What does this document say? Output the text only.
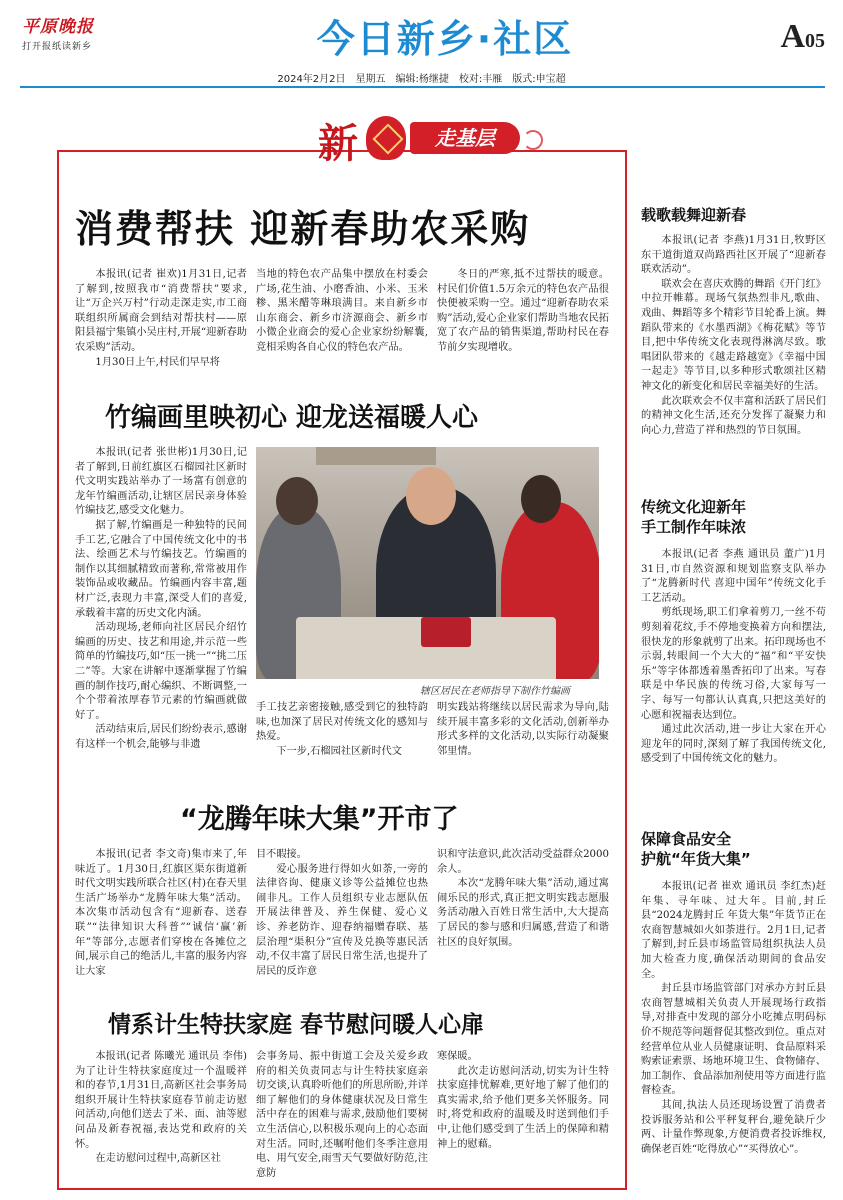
平原晚报
打开报纸读新乡	今日新乡·社区	A05
2024年2月2日　星期五　编辑:杨继捷　校对:丰雁　版式:申宝超
新	走基层
消费帮扶 迎新春助农采购

本报讯(记者 崔欢)1月31日,记者了解到,按照我市“消费帮扶”要求,让“万企兴万村”行动走深走实,市工商联组织所属商会到结对帮扶村——原阳县福宁集镇小吴庄村,开展“迎新春助农采购”活动。

1月30日上午,村民们早早将

当地的特色农产品集中摆放在村委会广场,花生油、小磨香油、小米、玉米糁、黑米醋等琳琅满目。来自新乡市山东商会、新乡市济源商会、新乡市小微企业商会的爱心企业家纷纷解囊,竞相采购各自心仪的特色农产品。

冬日的严寒,抵不过帮扶的暖意。村民们价值1.5万余元的特色农产品很快便被采购一空。通过“迎新春助农采购”活动,爱心企业家们帮助当地农民拓宽了农产品的销售渠道,帮助村民在春节前夕实现增收。

竹编画里映初心 迎龙送福暖人心

本报讯(记者 张世彬)1月30日,记者了解到,日前红旗区石榴园社区新时代文明实践站举办了一场富有创意的龙年竹编画活动,让辖区居民亲身体验竹编技艺,感受文化魅力。

据了解,竹编画是一种独特的民间手工艺,它融合了中国传统文化中的书法、绘画艺术与竹编技艺。竹编画的制作以其细腻精致而著称,常常被用作装饰品或收藏品。竹编画内容丰富,题材广泛,表现力丰富,深受人们的喜爱,承载着丰富的历史文化内涵。

活动现场,老师向社区居民介绍竹编画的历史、技艺和用途,并示范一些简单的竹编技巧,如“压一挑一”“挑二压二”等。大家在讲解中逐渐掌握了竹编画的制作技巧,耐心编织、不断调整,一个个带着浓厚春节元素的竹编画就做好了。

活动结束后,居民们纷纷表示,感谢有这样一个机会,能够与非遗

辖区居民在老师指导下制作竹编画

手工技艺亲密接触,感受到它的独特韵味,也加深了居民对传统文化的感知与热爱。

下一步,石榴园社区新时代文

明实践站将继续以居民需求为导向,陆续开展丰富多彩的文化活动,创新举办形式多样的文化活动,以实际行动凝聚邻里情。

“龙腾年味大集”开市了

本报讯(记者 李文奇)集市来了,年味近了。1月30日,红旗区渠东街道新时代文明实践所联合社区(村)在春天里生活广场举办“龙腾年味大集”活动。本次集市活动包含有“迎新春、送春联”“法律知识大科普”“诚信‘赢’新年”等部分,志愿者们穿梭在各摊位之间,展示自己的绝活儿,丰富的服务内容让大家

目不暇接。

爱心服务进行得如火如荼,一旁的法律咨询、健康义诊等公益摊位也热闹非凡。工作人员组织专业志愿队伍开展法律普及、养生保健、爱心义诊、养老防诈、迎春纳福赠春联、基层治理“渠积分”宣传及兑换等惠民活动,不仅丰富了居民日常生活,也提升了居民的反诈意

识和守法意识,此次活动受益群众2000余人。

本次“龙腾年味大集”活动,通过寓闹乐民的形式,真正把文明实践志愿服务活动融入百姓日常生活中,大大提高了居民的参与感和归属感,营造了和谐社区的良好氛围。

情系计生特扶家庭 春节慰问暖人心扉

本报讯(记者 陈曦光 通讯员 李伟)为了让计生特扶家庭度过一个温暖祥和的春节,1月31日,高新区社会事务局组织开展计生特扶家庭春节前走访慰问活动,向他们送去了米、面、油等慰问品及新春祝福,表达党和政府的关怀。

在走访慰问过程中,高新区社

会事务局、振中街道工会及关爱乡政府的相关负责同志与计生特扶家庭亲切交谈,认真聆听他们的所思所盼,并详细了解他们的身体健康状况及日常生活中存在的困难与需求,鼓励他们要树立生活信心,以积极乐观向上的心态面对生活。同时,还嘱咐他们冬季注意用电、用气安全,雨雪天气要做好防范,注意防

寒保暖。

此次走访慰问活动,切实为计生特扶家庭排忧解难,更好地了解了他们的真实需求,给予他们更多关怀服务。同时,将党和政府的温暖及时送到他们手中,让他们感受到了生活上的保障和精神上的慰藉。

载歌载舞迎新春

本报讯(记者 李燕)1月31日,牧野区东干道街道双尚路西社区开展了“迎新春联欢活动”。

联欢会在喜庆欢腾的舞蹈《开门红》中拉开帷幕。现场气氛热烈非凡,歌曲、戏曲、舞蹈等多个精彩节目轮番上演。舞蹈队带来的《水墨西湖》《梅花赋》等节目,把中华传统文化表现得淋漓尽致。歌唱团队带来的《越走路越宽》《幸福中国一起走》等节目,以多种形式歌颂社区精神文化的新变化和居民幸福美好的生活。

此次联欢会不仅丰富和活跃了居民们的精神文化生活,还充分发挥了凝聚力和向心力,营造了祥和热烈的节日氛围。

传统文化迎新年
手工制作年味浓

本报讯(记者 李燕 通讯员 董广)1月31日,市自然资源和规划监察支队举办了“龙腾新时代 喜迎中国年”传统文化手工艺活动。

剪纸现场,职工们拿着剪刀,一丝不苟剪刻着花纹,手不停地变换着方向和摆法,很快龙的形象就剪了出来。拓印现场也不示弱,转眼间一个大大的“福”和“平安快乐”等字体都透着墨香拓印了出来。写春联是中华民族的传统习俗,大家每写一字、每写一句都认认真真,只把这美好的心愿和祝福表达到位。

通过此次活动,进一步让大家在开心迎龙年的同时,深刻了解了我国传统文化,感受到了中国传统文化的魅力。

保障食品安全
护航“年货大集”

本报讯(记者 崔欢 通讯员 李红杰)赶年集、寻年味、过大年。目前,封丘县“2024龙腾封丘 年货大集”年货节正在农商智慧城如火如荼进行。2月1日,记者了解到,封丘县市场监管局组织执法人员加大检查力度,确保活动期间的食品安全。

封丘县市场监管部门对承办方封丘县农商智慧城相关负责人开展现场行政指导,对排查中发现的部分小吃摊点明码标价不规范等问题督促其整改到位。重点对经营单位从业人员健康证明、食品原料采购索证索票、场地环境卫生、食物储存、加工制作、食品添加剂使用等方面进行监督检查。

其间,执法人员还现场设置了消费者投诉服务站和公平秤复秤台,避免缺斤少两、计量作弊现象,方便消费者投诉维权,确保老百姓“吃得放心”“买得放心”。
